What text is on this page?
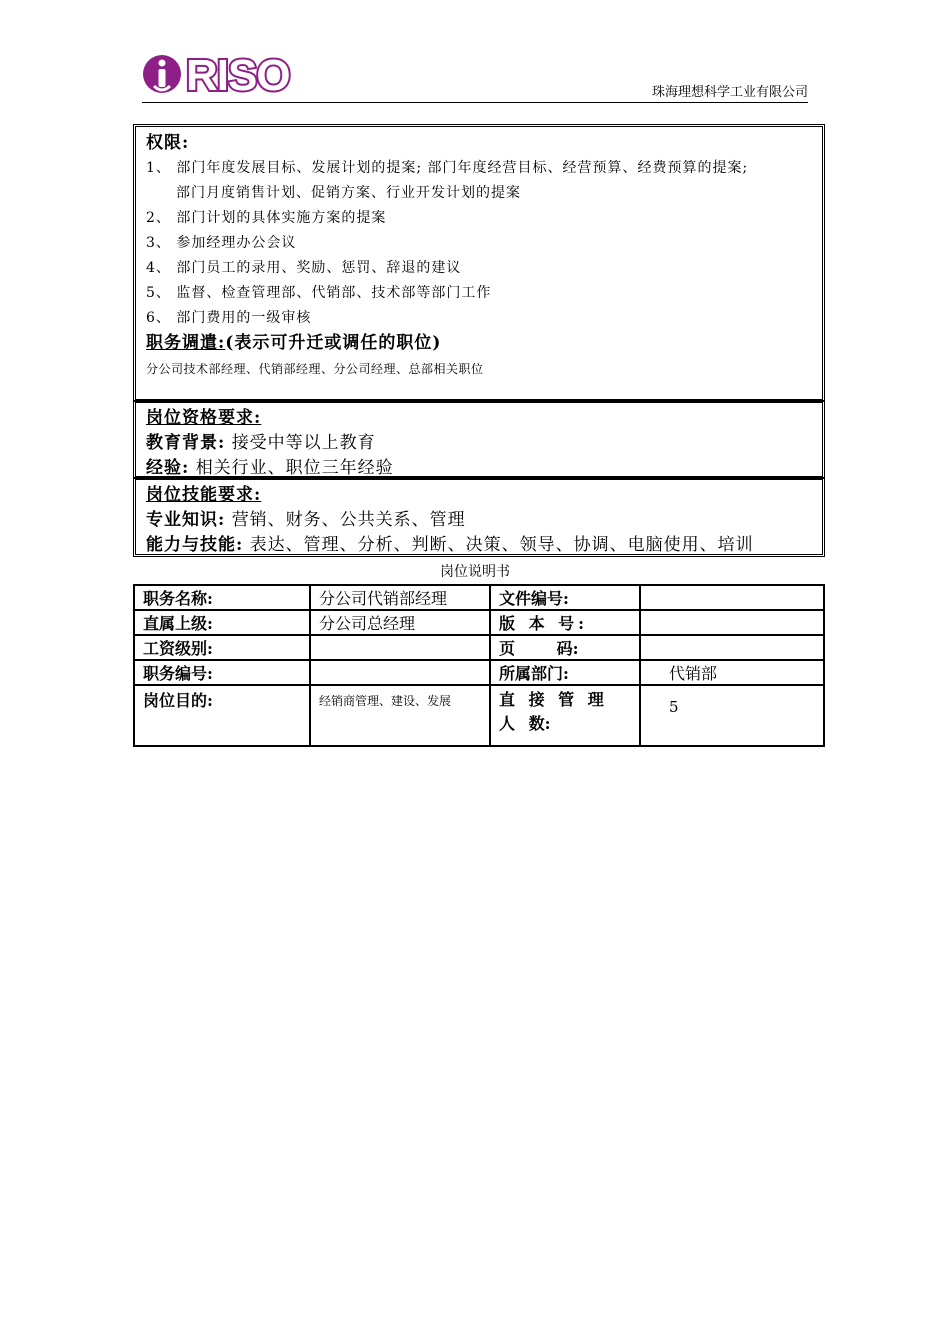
RISO	珠海理想科学工业有限公司
权限:
1、 部门年度发展目标、发展计划的提案; 部门年度经营目标、经营预算、经费预算的提案;
部门月度销售计划、促销方案、行业开发计划的提案
2、 部门计划的具体实施方案的提案
3、 参加经理办公会议
4、 部门员工的录用、奖励、惩罚、辞退的建议
5、 监督、检查管理部、代销部、技术部等部门工作
6、 部门费用的一级审核
职务调遣:(表示可升迁或调任的职位)
分公司技术部经理、代销部经理、分公司经理、总部相关职位
岗位资格要求:
教育背景: 接受中等以上教育
经验: 相关行业、职位三年经验
岗位技能要求:
专业知识: 营销、财务、公共关系、管理
能力与技能: 表达、管理、分析、判断、决策、领导、协调、电脑使用、培训
岗位说明书
职务名称:	分公司代销部经理	文件编号:	
直属上级:	分公司总经理	版 本 号:	
工资级别:		页 码:	
职务编号:		所属部门:	代销部
岗位目的:	经销商管理、建设、发展	直 接 管 理 人 数:	5
